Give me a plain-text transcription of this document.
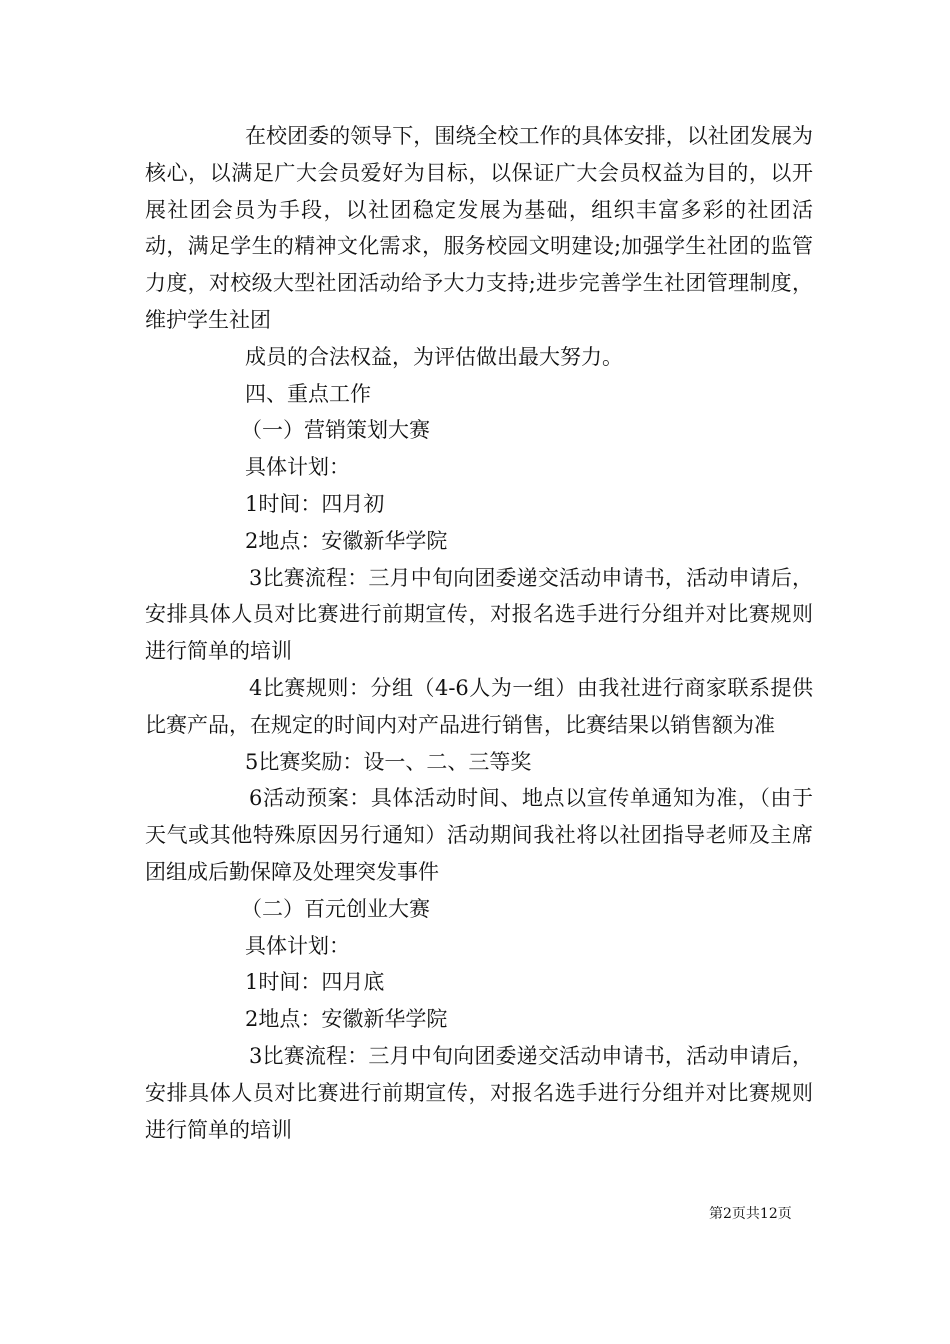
在校团委的领导下，围绕全校工作的具体安排，以社团发展为核心，以满足广大会员爱好为目标，以保证广大会员权益为目的，以开展社团会员为手段，以社团稳定发展为基础，组织丰富多彩的社团活动，满足学生的精神文化需求，服务校园文明建设;加强学生社团的监管力度，对校级大型社团活动给予大力支持;进步完善学生社团管理制度，维护学生社团

成员的合法权益，为评估做出最大努力。

四、重点工作

（一）营销策划大赛

具体计划：

1时间：四月初

2地点：安徽新华学院

3比赛流程：三月中旬向团委递交活动申请书，活动申请后，安排具体人员对比赛进行前期宣传，对报名选手进行分组并对比赛规则进行简单的培训

4比赛规则：分组（4-6人为一组）由我社进行商家联系提供比赛产品，在规定的时间内对产品进行销售，比赛结果以销售额为准

5比赛奖励：设一、二、三等奖

6活动预案：具体活动时间、地点以宣传单通知为准，（由于天气或其他特殊原因另行通知）活动期间我社将以社团指导老师及主席团组成后勤保障及处理突发事件

（二）百元创业大赛

具体计划：

1时间：四月底

2地点：安徽新华学院

3比赛流程：三月中旬向团委递交活动申请书，活动申请后，安排具体人员对比赛进行前期宣传，对报名选手进行分组并对比赛规则进行简单的培训

第2页共12页
